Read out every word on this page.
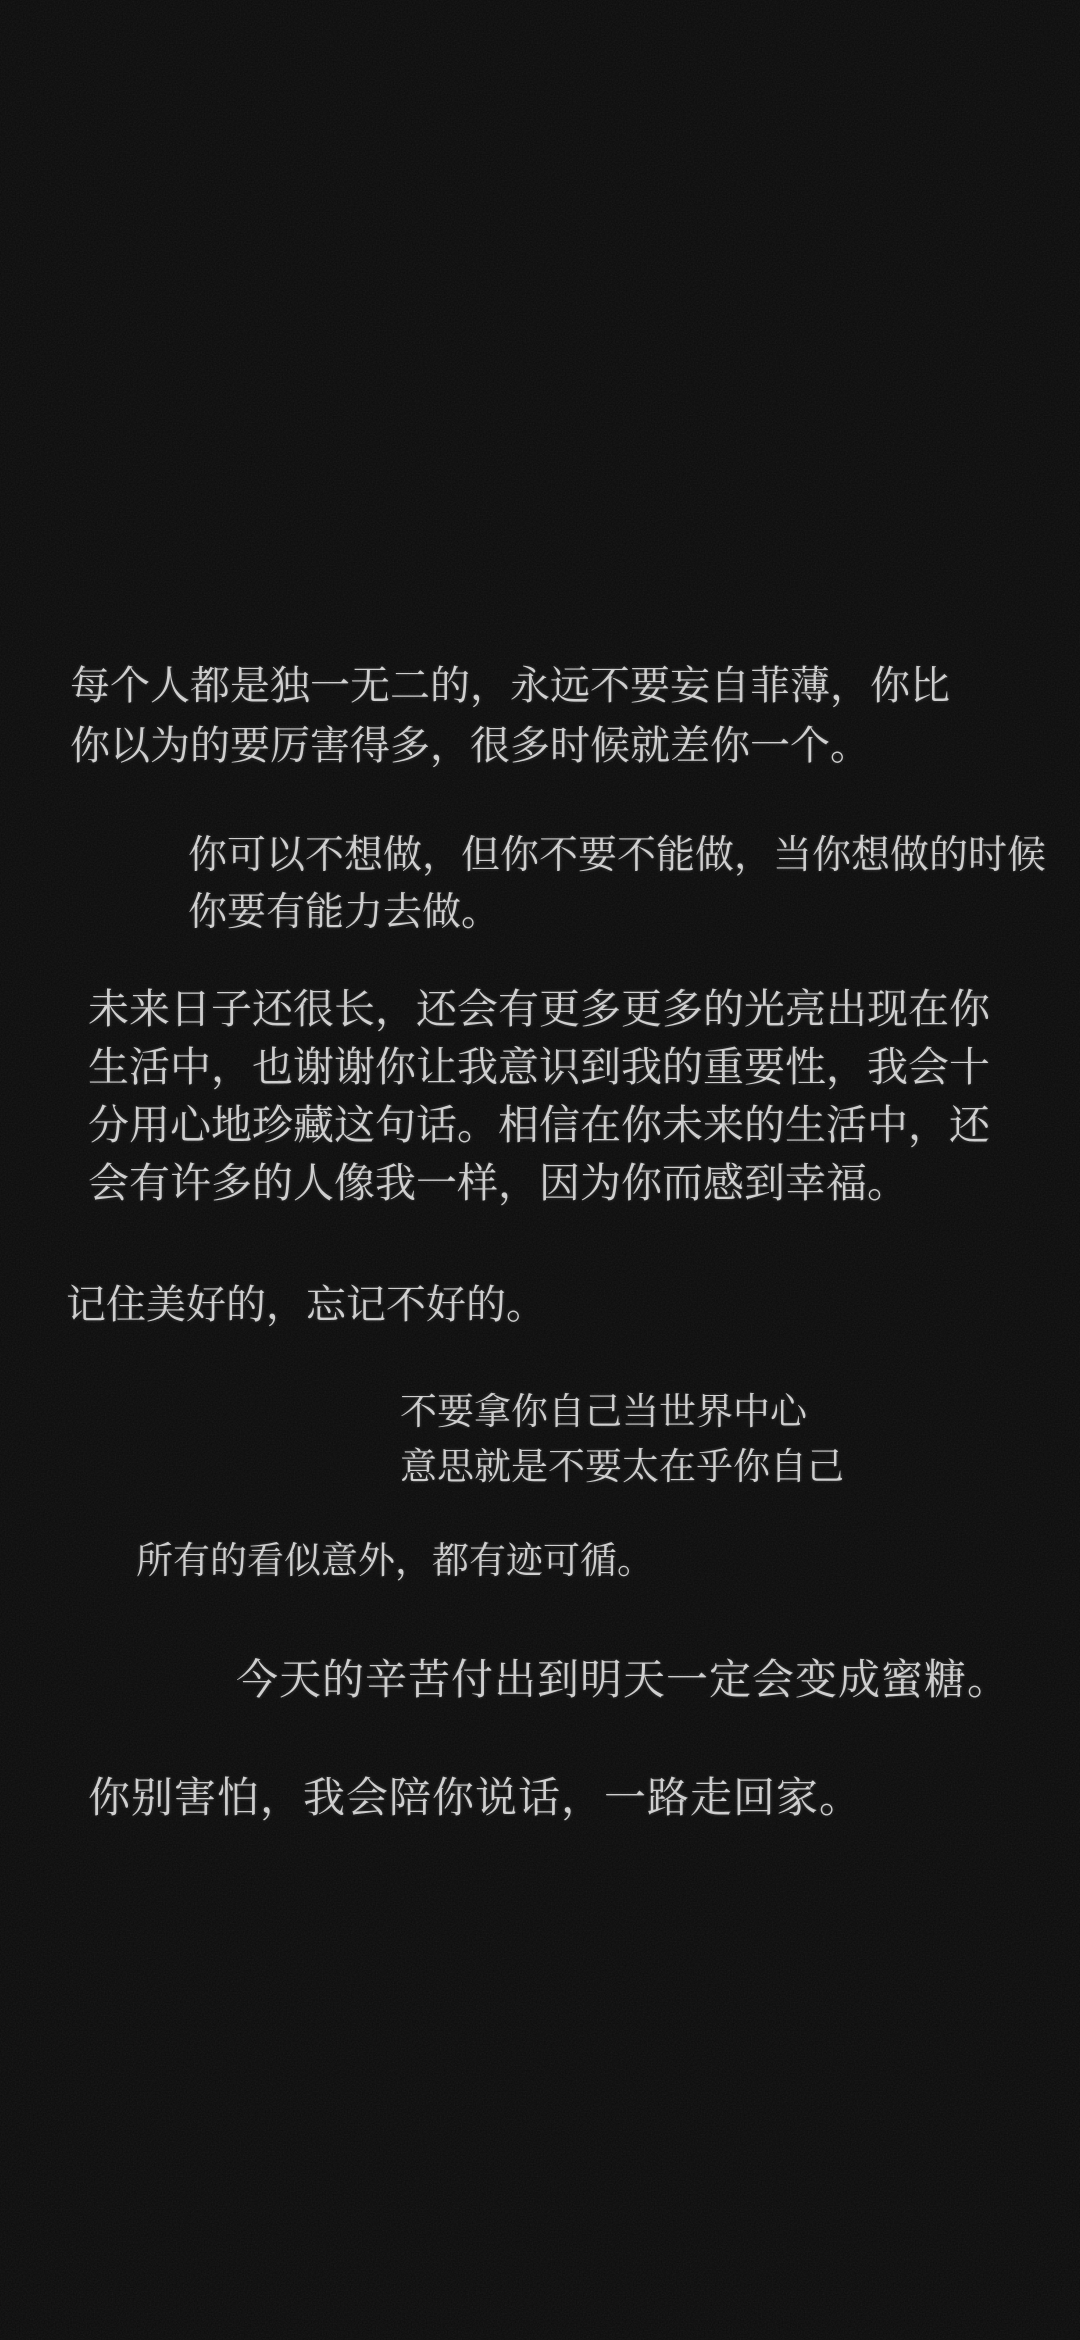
每个人都是独一无二的，永远不要妄自菲薄，你比
你以为的要厉害得多，很多时候就差你一个。
你可以不想做，但你不要不能做，当你想做的时候
你要有能力去做。
未来日子还很长，还会有更多更多的光亮出现在你
生活中，也谢谢你让我意识到我的重要性，我会十
分用心地珍藏这句话。相信在你未来的生活中，还
会有许多的人像我一样，因为你而感到幸福。
记住美好的，忘记不好的。
不要拿你自己当世界中心
意思就是不要太在乎你自己
所有的看似意外，都有迹可循。
今天的辛苦付出到明天一定会变成蜜糖。
你别害怕，我会陪你说话，一路走回家。
